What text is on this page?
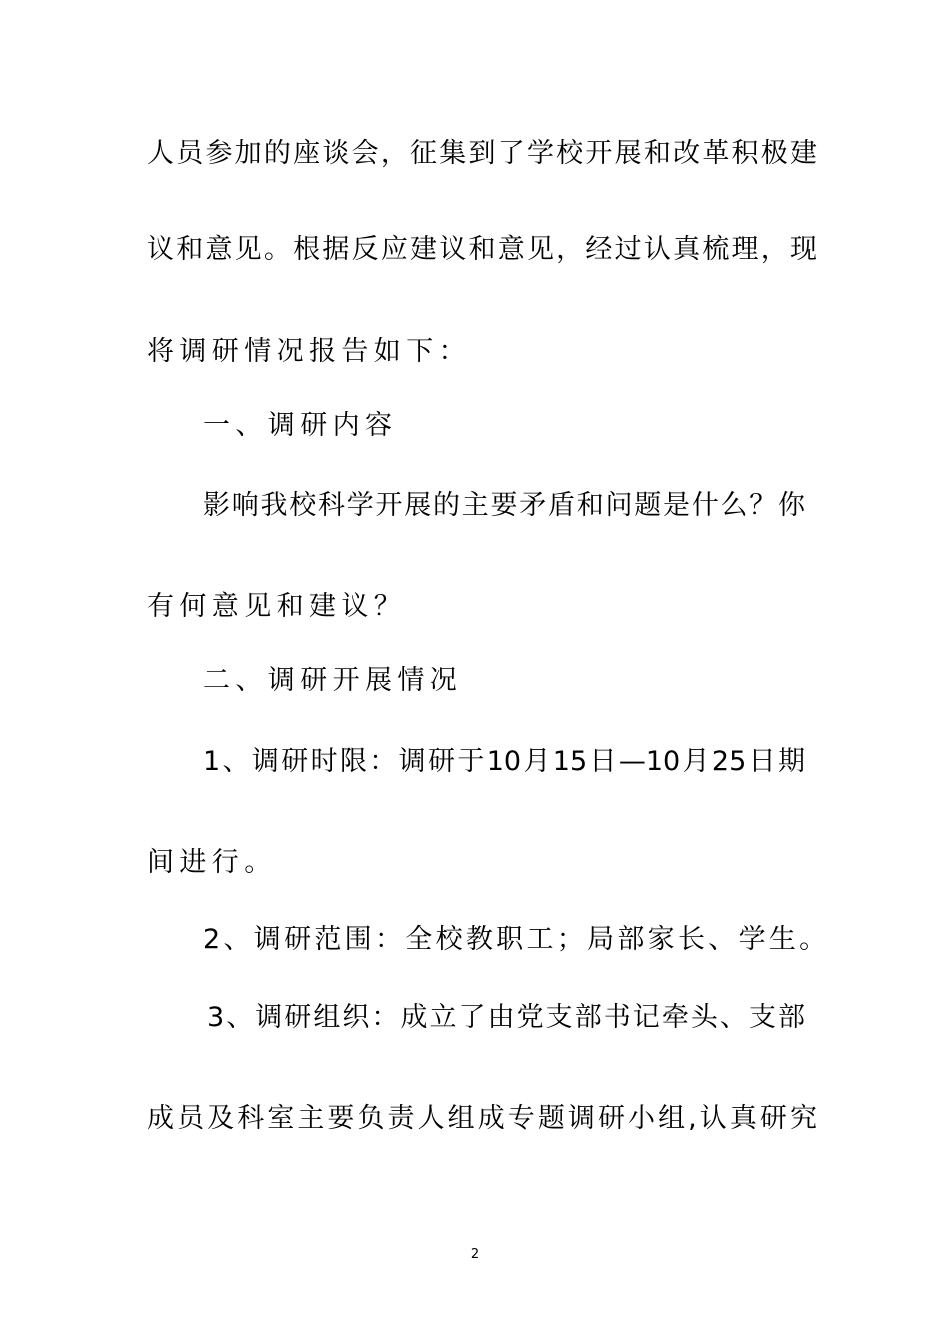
人员参加的座谈会，征集到了学校开展和改革积极建
议和意见。根据反应建议和意见，经过认真梳理，现
将调研情况报告如下：
一、调研内容
影响我校科学开展的主要矛盾和问题是什么？你
有何意见和建议？
二、调研开展情况
1、调研时限：调研于10月15日—10月25日期
间进行。
2、调研范围：全校教职工；局部家长、学生。
3、调研组织：成立了由党支部书记牵头、支部
成员及科室主要负责人组成专题调研小组,认真研究
2
